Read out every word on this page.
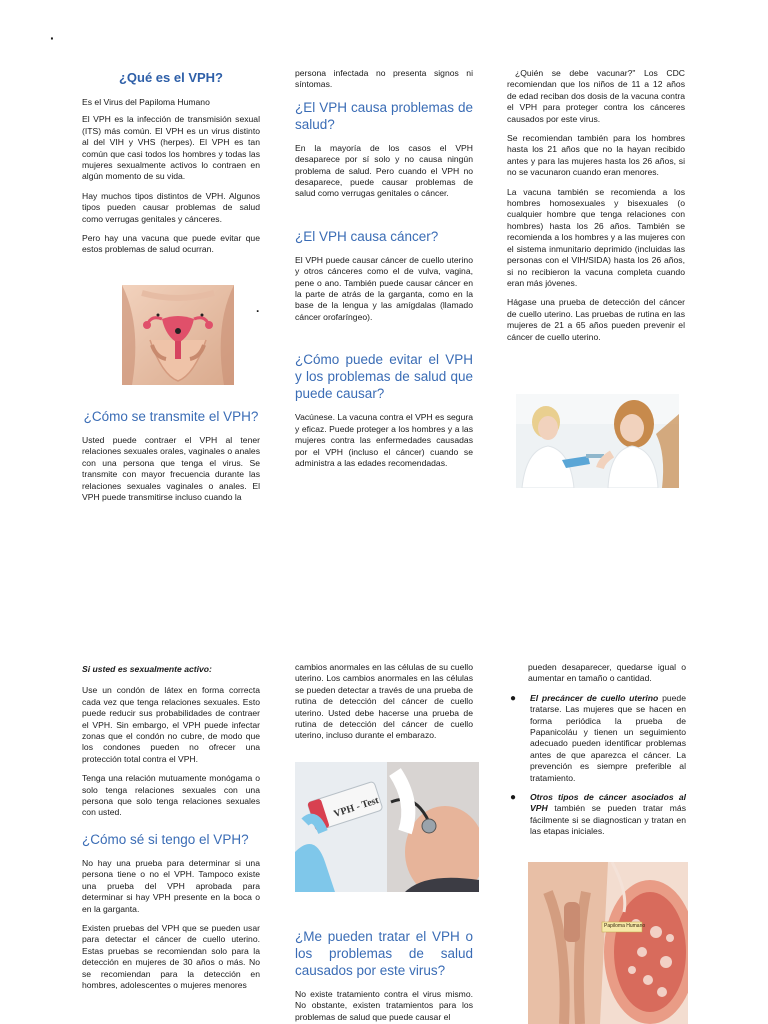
·
¿Qué es el VPH?

Es el Virus del Papiloma Humano

El VPH es la infección de transmisión sexual (ITS) más común. El VPH es un virus distinto al del VIH y VHS (herpes). El VPH es tan común que casi todos los hombres y todas las mujeres sexualmente activos lo contraen en algún momento de su vida.

Hay muchos tipos distintos de VPH. Algunos tipos pueden causar problemas de salud como verrugas genitales y cánceres.

Pero hay una vacuna que puede evitar que estos problemas de salud ocurran.

·
¿Cómo se transmite el VPH?

Usted puede contraer el VPH al tener relaciones sexuales orales, vaginales o anales con una persona que tenga el virus. Se transmite con mayor frecuencia durante las relaciones sexuales vaginales o anales. El VPH puede transmitirse incluso cuando la

persona infectada no presenta signos ni síntomas.

¿El VPH causa problemas de salud?

En la mayoría de los casos el VPH desaparece por sí solo y no causa ningún problema de salud. Pero cuando el VPH no desaparece, puede causar problemas de salud como verrugas genitales o cáncer.

¿El VPH causa cáncer?

El VPH puede causar cáncer de cuello uterino y otros cánceres como el de vulva, vagina, pene o ano. También puede causar cáncer en la parte de atrás de la garganta, como en la base de la lengua y las amígdalas (llamado cáncer orofaríngeo).

¿Cómo puede evitar el VPH y los problemas de salud que puede causar?

Vacúnese. La vacuna contra el VPH es segura y eficaz. Puede proteger a los hombres y a las mujeres contra las enfermedades causadas por el VPH (incluso el cáncer) cuando se administra a las edades recomendadas.

¿Quién se debe vacunar?" Los CDC recomiendan que los niños de 11 a 12 años de edad reciban dos dosis de la vacuna contra el VPH para proteger contra los cánceres causados por este virus.

Se recomiendan también para los hombres hasta los 21 años que no la hayan recibido antes y para las mujeres hasta los 26 años, si no se vacunaron cuando eran menores.

La vacuna también se recomienda a los hombres homosexuales y bisexuales (o cualquier hombre que tenga relaciones con hombres) hasta los 26 años. También se recomienda a los hombres y a las mujeres con el sistema inmunitario deprimido (incluidas las personas con el VIH/SIDA) hasta los 26 años, si no recibieron la vacuna completa cuando eran más jóvenes.

Hágase una prueba de detección del cáncer de cuello uterino. Las pruebas de rutina en las mujeres de 21 a 65 años pueden prevenir el cáncer de cuello uterino.

Si usted es sexualmente activo:

Use un condón de látex en forma correcta cada vez que tenga relaciones sexuales. Esto puede reducir sus probabilidades de contraer el VPH. Sin embargo, el VPH puede infectar zonas que el condón no cubre, de modo que los condones pueden no ofrecer una protección total contra el VPH.

Tenga una relación mutuamente monógama o solo tenga relaciones sexuales con una persona que solo tenga relaciones sexuales con usted.

¿Cómo sé si tengo el VPH?

No hay una prueba para determinar si una persona tiene o no el VPH. Tampoco existe una prueba del VPH aprobada para determinar si hay VPH presente en la boca o en la garganta.

Existen pruebas del VPH que se pueden usar para detectar el cáncer de cuello uterino. Estas pruebas se recomiendan solo para la detección en mujeres de 30 años o más. No se recomiendan para la detección en hombres, adolescentes o mujeres menores

cambios anormales en las células de su cuello uterino. Los cambios anormales en las células se pueden detectar a través de una prueba de rutina de detección del cáncer de cuello uterino. Usted debe hacerse una prueba de rutina de detección del cáncer de cuello uterino, incluso durante el embarazo.

VPH - Test
¿Me pueden tratar el VPH o los problemas de salud causados por este virus?

No existe tratamiento contra el virus mismo. No obstante, existen tratamientos para los problemas de salud que puede causar el

pueden desaparecer, quedarse igual o aumentar en tamaño o cantidad.

● El precáncer de cuello uterino puede tratarse. Las mujeres que se hacen en forma periódica la prueba de Papanicoláu y tienen un seguimiento adecuado pueden identificar problemas antes de que aparezca el cáncer. La prevención es siempre preferible al tratamiento.
● Otros tipos de cáncer asociados al VPH también se pueden tratar más fácilmente si se diagnostican y tratan en las etapas iniciales.
Papiloma Humano
